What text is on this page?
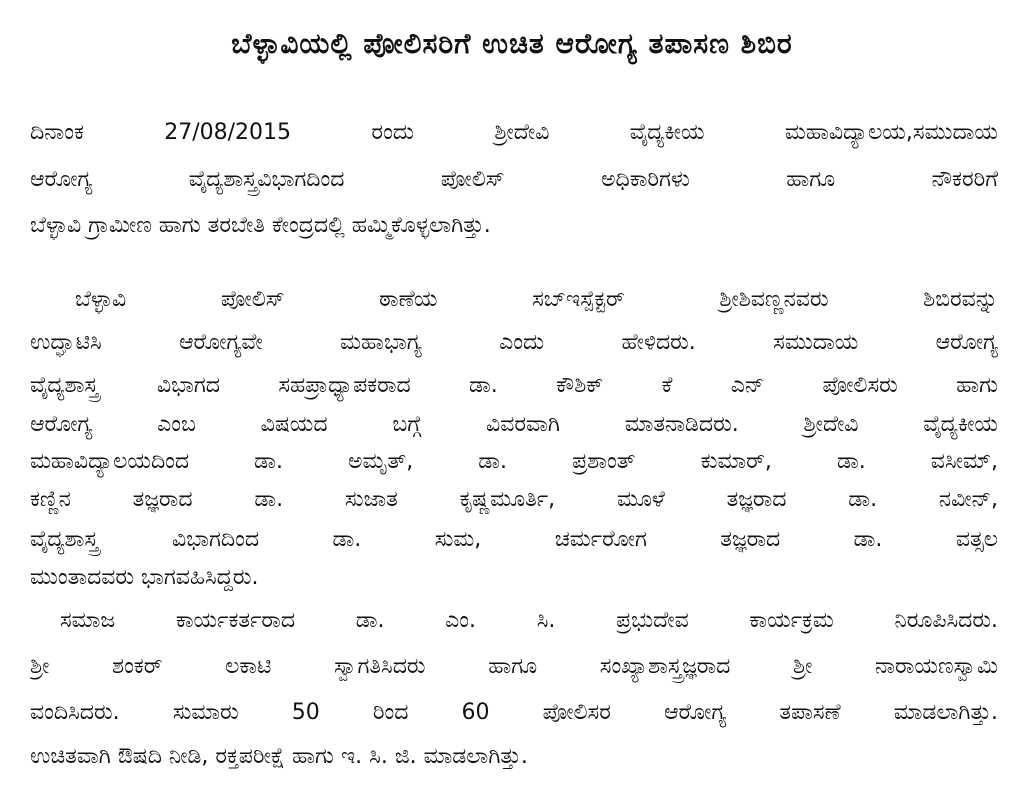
ಬೆಳ್ಳಾವಿಯಲ್ಲಿ ಪೋಲಿಸರಿಗೆ ಉಚಿತ ಆರೋಗ್ಯ ತಪಾಸಣ ಶಿಬಿರ
ದಿನಾಂಕ 27/08/2015 ರಂದು ಶ್ರೀದೇವಿ ವೈದ್ಯಕೀಯ ಮಹಾವಿದ್ಯಾಲಯ,ಸಮುದಾಯ
ಆರೋಗ್ಯ ವೈದ್ಯಶಾಸ್ತ್ರವಿಭಾಗದಿಂದ ಪೋಲಿಸ್ ಅಧಿಕಾರಿಗಳು ಹಾಗೂ ನೌಕರರಿಗೆ
ಬೆಳ್ಳಾವಿ ಗ್ರಾಮೀಣ ಹಾಗು ತರಬೇತಿ ಕೇಂದ್ರದಲ್ಲಿ ಹಮ್ಮಿಕೊಳ್ಳಲಾಗಿತ್ತು.
ಬೆಳ್ಳಾವಿ ಪೋಲಿಸ್ ಠಾಣೆಯ ಸಬ್‌ಇಸ್ಪೆಕ್ಟರ್ ಶ್ರೀಶಿವಣ್ಣನವರು ಶಿಬಿರವನ್ನು
ಉದ್ಘಾಟಿಸಿ ಆರೋಗ್ಯವೇ ಮಹಾಭಾಗ್ಯ ಎಂದು ಹೇಳಿದರು. ಸಮುದಾಯ ಆರೋಗ್ಯ
ವೈದ್ಯಶಾಸ್ತ್ರ ವಿಭಾಗದ ಸಹಪ್ರಾಧ್ಯಾಪಕರಾದ ಡಾ. ಕೌಶಿಕ್ ಕೆ ಎನ್ ಪೋಲಿಸರು ಹಾಗು
ಆರೋಗ್ಯ ಎಂಬ ವಿಷಯದ ಬಗ್ಗೆ ವಿವರವಾಗಿ ಮಾತನಾಡಿದರು. ಶ್ರೀದೇವಿ ವೈದ್ಯಕೀಯ
ಮಹಾವಿದ್ಯಾಲಯದಿಂದ ಡಾ. ಅಮೃತ್, ಡಾ. ಪ್ರಶಾಂತ್ ಕುಮಾರ್, ಡಾ. ವಸೀಮ್,
ಕಣ್ಣಿನ ತಜ್ಞರಾದ ಡಾ. ಸುಜಾತ ಕೃಷ್ಣಮೂರ್ತಿ, ಮೂಳೆ ತಜ್ಞರಾದ ಡಾ. ನವೀನ್,
ವೈದ್ಯಶಾಸ್ತ್ರ ವಿಭಾಗದಿಂದ ಡಾ. ಸುಮ, ಚರ್ಮರೋಗ ತಜ್ಞರಾದ ಡಾ. ವತ್ಸಲ
ಮುಂತಾದವರು ಭಾಗವಹಿಸಿದ್ದರು.
ಸಮಾಜ ಕಾರ್ಯಕರ್ತರಾದ ಡಾ. ಎಂ. ಸಿ. ಪ್ರಭುದೇವ ಕಾರ್ಯಕ್ರಮ ನಿರೂಪಿಸಿದರು.
ಶ್ರೀ ಶಂಕರ್ ಲಕಾಟಿ ಸ್ವಾಗತಿಸಿದರು ಹಾಗೂ ಸಂಖ್ಯಾಶಾಸ್ತ್ರಜ್ಞರಾದ ಶ್ರೀ ನಾರಾಯಣಸ್ವಾಮಿ
ವಂದಿಸಿದರು. ಸುಮಾರು 50 ರಿಂದ 60 ಪೋಲಿಸರ ಆರೋಗ್ಯ ತಪಾಸಣೆ ಮಾಡಲಾಗಿತ್ತು.
ಉಚಿತವಾಗಿ ಔಷದಿ ನೀಡಿ, ರಕ್ತಪರೀಕ್ಷೆ ಹಾಗು ಇ. ಸಿ. ಜಿ. ಮಾಡಲಾಗಿತ್ತು.
